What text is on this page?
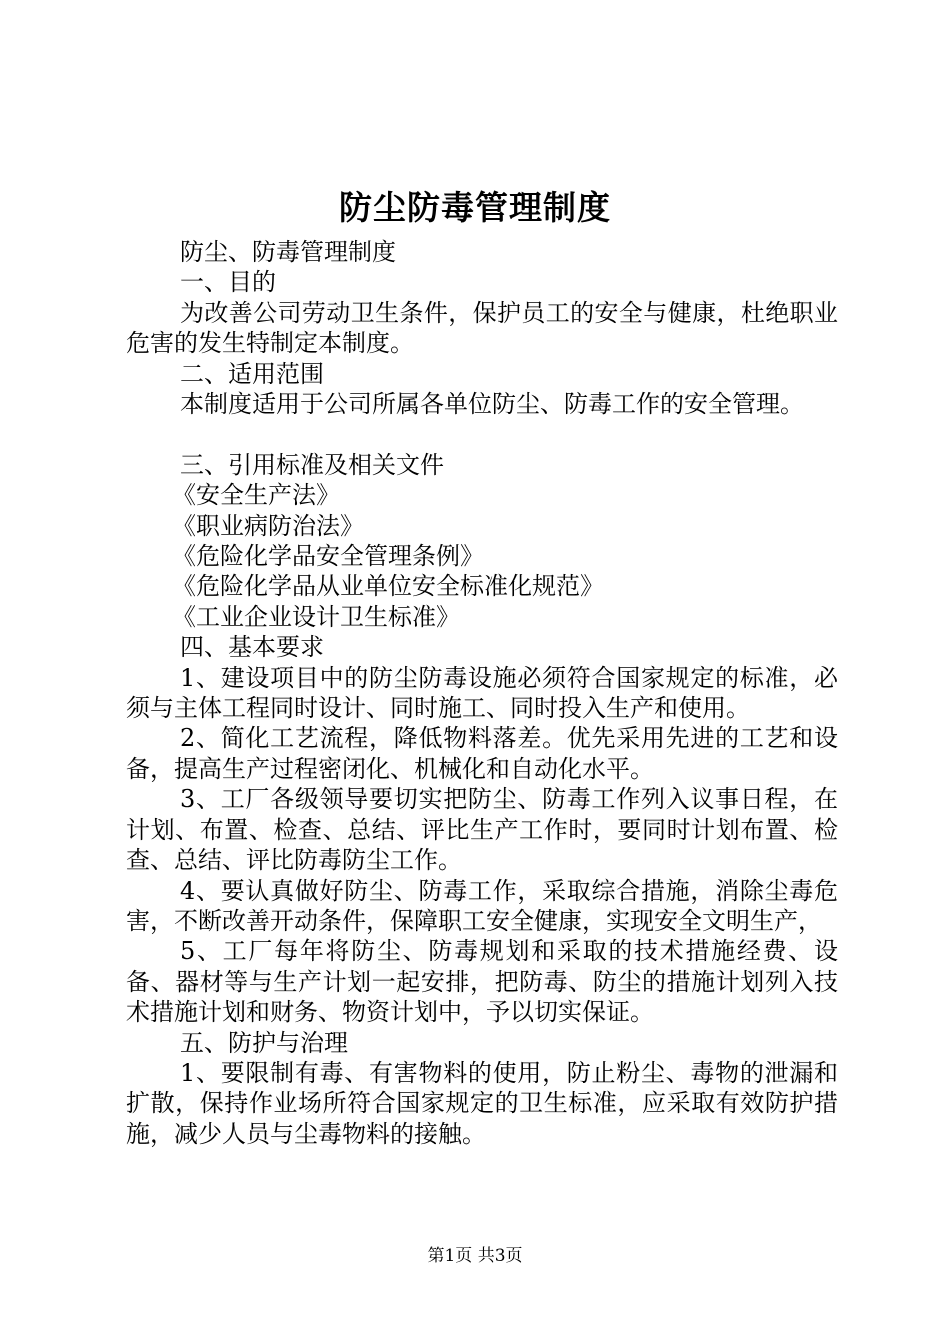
防尘防毒管理制度

防尘、防毒管理制度

一、目的

为改善公司劳动卫生条件，保护员工的安全与健康，杜绝职业危害的发生特制定本制度。

二、适用范围

本制度适用于公司所属各单位防尘、防毒工作的安全管理。

三、引用标准及相关文件

《安全生产法》

《职业病防治法》

《危险化学品安全管理条例》

《危险化学品从业单位安全标准化规范》

《工业企业设计卫生标准》

四、基本要求

1、建设项目中的防尘防毒设施必须符合国家规定的标准，必须与主体工程同时设计、同时施工、同时投入生产和使用。

2、简化工艺流程，降低物料落差。优先采用先进的工艺和设备，提高生产过程密闭化、机械化和自动化水平。

3、工厂各级领导要切实把防尘、防毒工作列入议事日程，在计划、布置、检查、总结、评比生产工作时，要同时计划布置、检查、总结、评比防毒防尘工作。

4、要认真做好防尘、防毒工作，采取综合措施，消除尘毒危害，不断改善开动条件，保障职工安全健康，实现安全文明生产，

5、工厂每年将防尘、防毒规划和采取的技术措施经费、设备、器材等与生产计划一起安排，把防毒、防尘的措施计划列入技术措施计划和财务、物资计划中，予以切实保证。

五、防护与治理

1、要限制有毒、有害物料的使用，防止粉尘、毒物的泄漏和扩散，保持作业场所符合国家规定的卫生标准，应采取有效防护措施，减少人员与尘毒物料的接触。

第1页 共3页
